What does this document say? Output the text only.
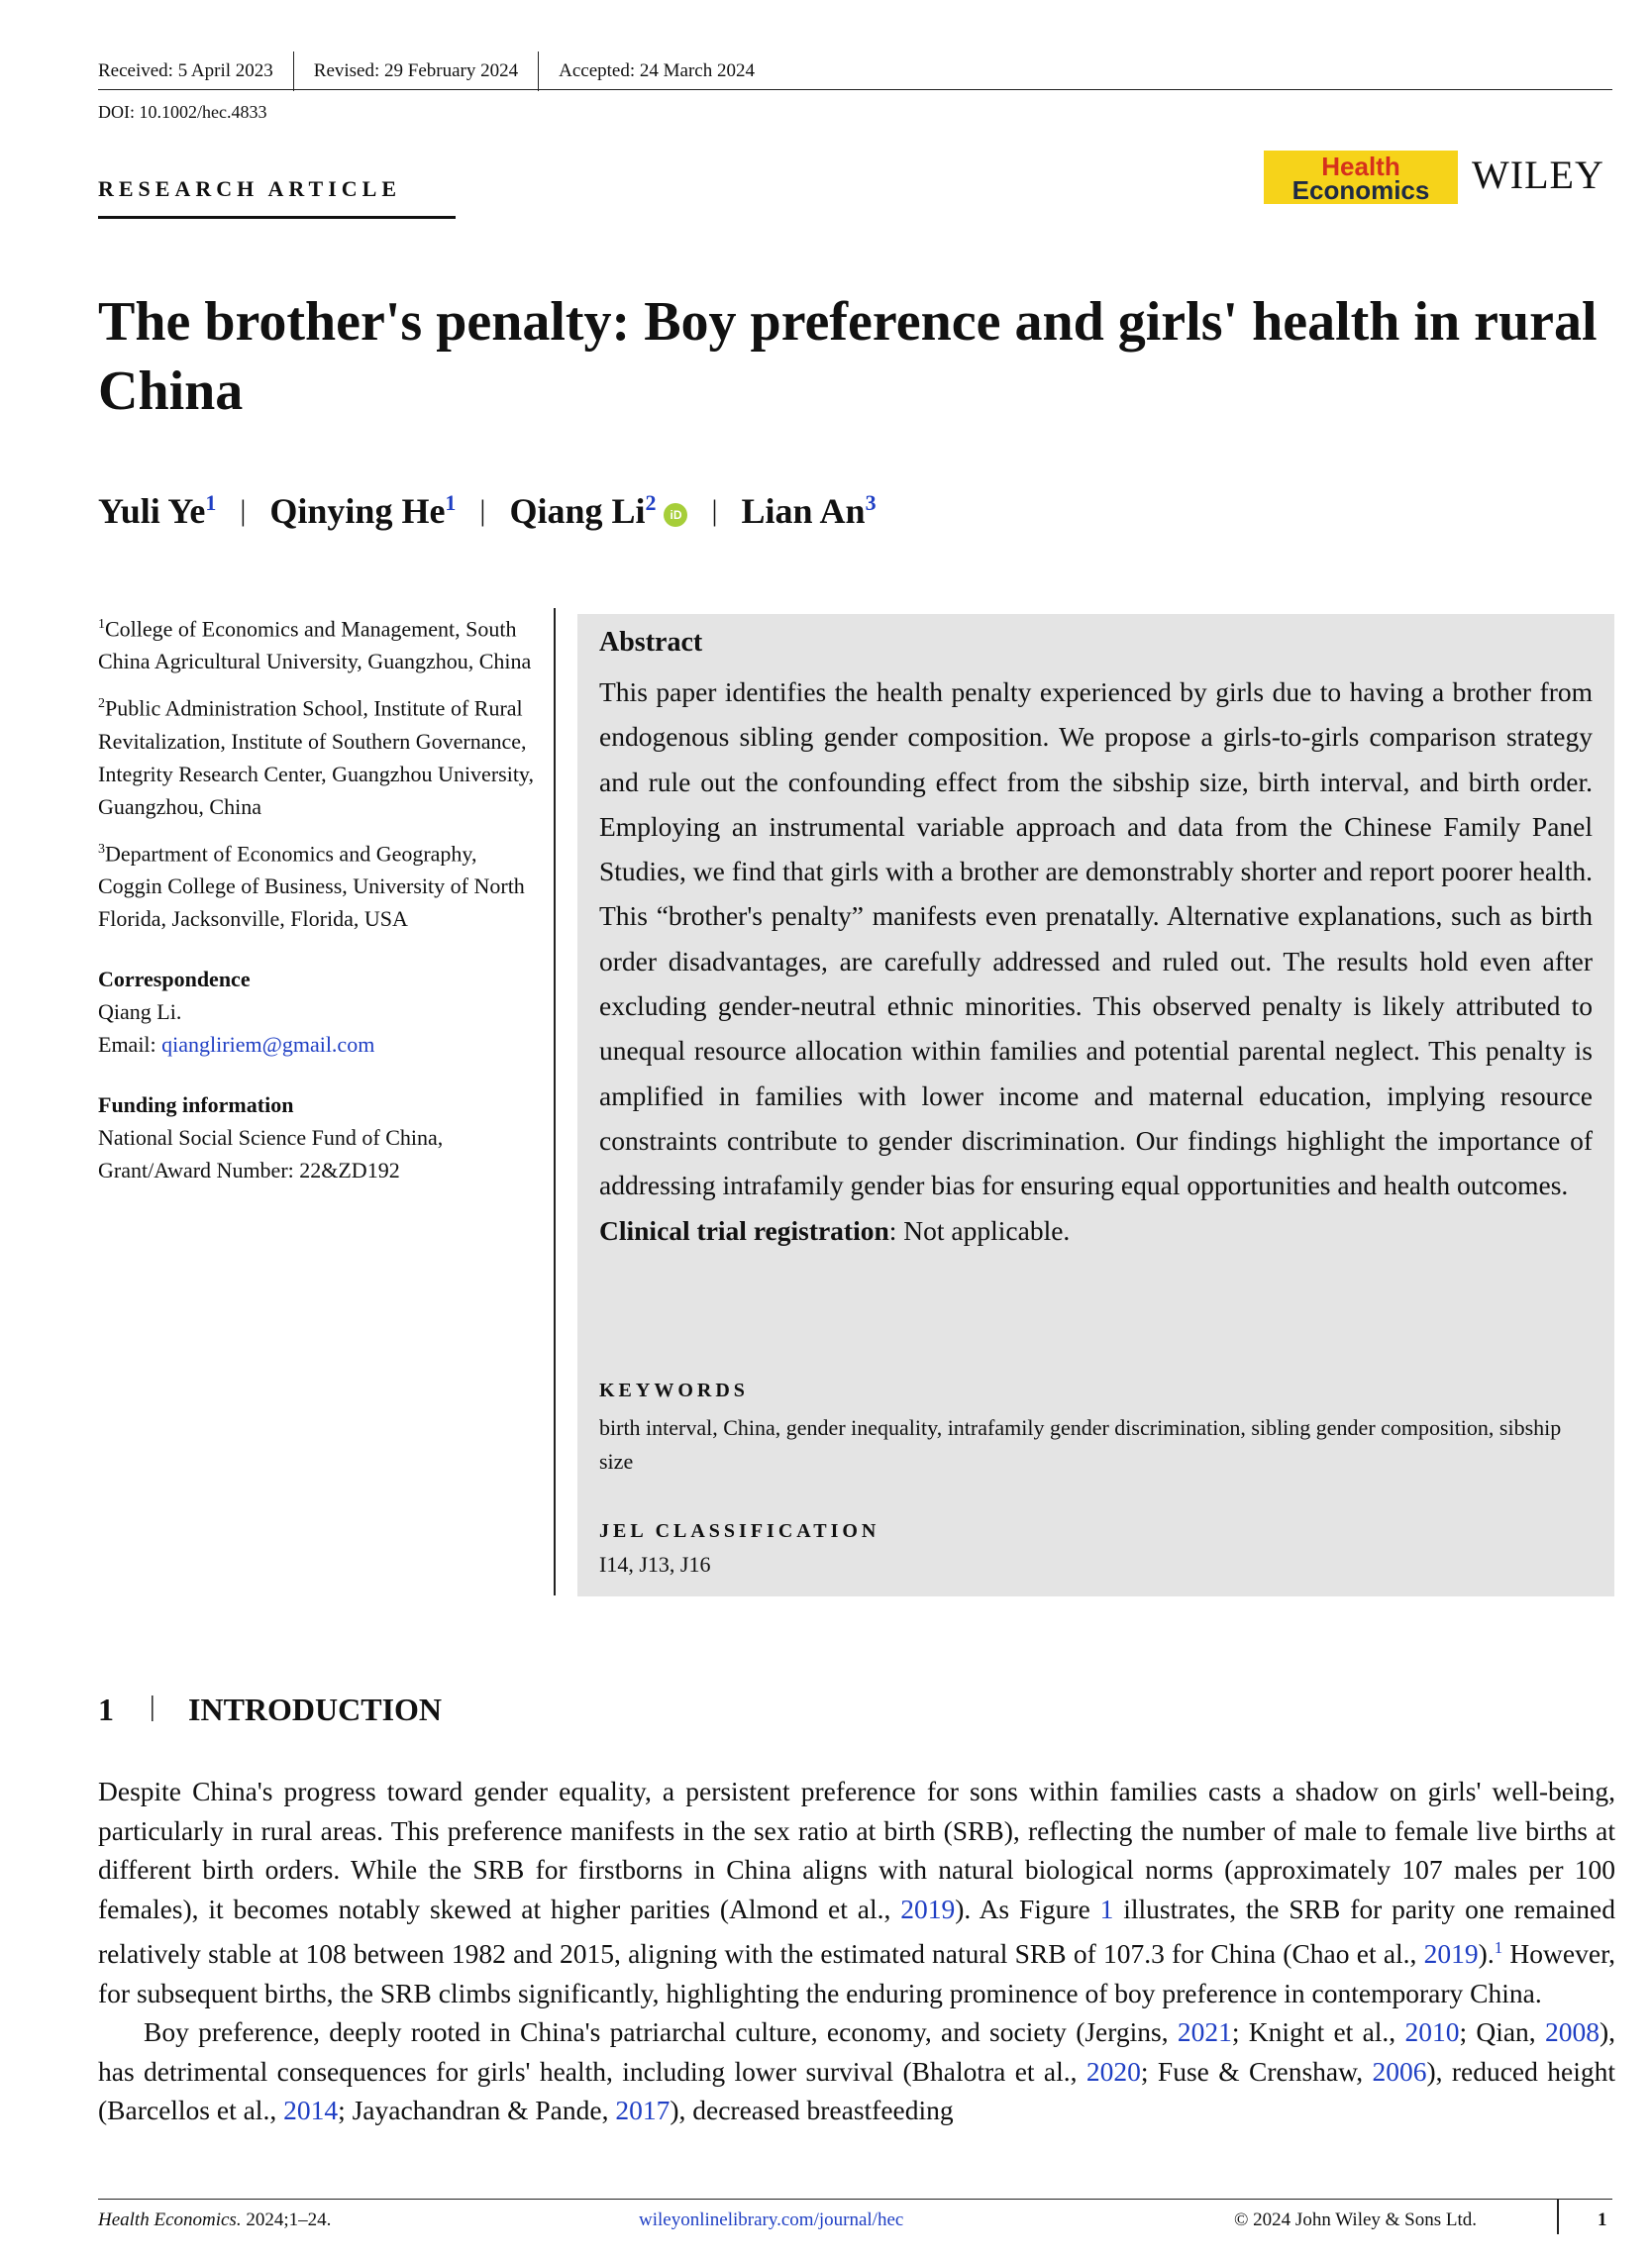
Received: 5 April 2023	Revised: 29 February 2024	Accepted: 24 March 2024
DOI: 10.1002/hec.4833
RESEARCH ARTICLE
Health
Economics	WILEY
The brother's penalty: Boy preference and girls' health in rural China
Yuli Ye$^1$ | Qinying He$^1$ | Qiang Li$^2$ iD | Lian An$^3$

$^1$College of Economics and Management, South China Agricultural University, Guangzhou, China

$^2$Public Administration School, Institute of Rural Revitalization, Institute of Southern Governance, Integrity Research Center, Guangzhou University, Guangzhou, China

$^3$Department of Economics and Geography, Coggin College of Business, University of North Florida, Jacksonville, Florida, USA

Correspondence
Qiang Li.
Email: qiangliriem@gmail.com
Funding information
National Social Science Fund of China,
Grant/Award Number: 22&ZD192
Abstract
This paper identifies the health penalty experienced by girls due to having a brother from endogenous sibling gender composition. We propose a girls-to-girls comparison strategy and rule out the confounding effect from the sibship size, birth interval, and birth order. Employing an instrumental variable approach and data from the Chinese Family Panel Studies, we find that girls with a brother are demonstrably shorter and report poorer health. This “brother's penalty” manifests even prenatally. Alternative explanations, such as birth order disadvantages, are carefully addressed and ruled out. The results hold even after excluding gender-neutral ethnic minorities. This observed penalty is likely attributed to unequal resource allocation within families and potential parental neglect. This penalty is amplified in families with lower income and maternal education, implying resource constraints contribute to gender discrimination. Our findings highlight the importance of addressing intrafamily gender bias for ensuring equal opportunities and health outcomes.
Clinical trial registration: Not applicable.
KEYWORDS
birth interval, China, gender inequality, intrafamily gender discrimination, sibling gender composition, sibship size
JEL CLASSIFICATION
I14, J13, J16
1 | INTRODUCTION

Despite China's progress toward gender equality, a persistent preference for sons within families casts a shadow on girls' well-being, particularly in rural areas. This preference manifests in the sex ratio at birth (SRB), reflecting the number of male to female live births at different birth orders. While the SRB for firstborns in China aligns with natural biological norms (approximately 107 males per 100 females), it becomes notably skewed at higher parities (Almond et al., 2019). As Figure 1 illustrates, the SRB for parity one remained relatively stable at 108 between 1982 and 2015, aligning with the estimated natural SRB of 107.3 for China (Chao et al., 2019).$^1$ However, for subsequent births, the SRB climbs significantly, highlighting the enduring prominence of boy preference in contemporary China.

Boy preference, deeply rooted in China's patriarchal culture, economy, and society (Jergins, 2021; Knight et al., 2010; Qian, 2008), has detrimental consequences for girls' health, including lower survival (Bhalotra et al., 2020; Fuse & Crenshaw, 2006), reduced height (Barcellos et al., 2014; Jayachandran & Pande, 2017), decreased breastfeeding

Health Economics. 2024;1–24.	wileyonlinelibrary.com/journal/hec	© 2024 John Wiley & Sons Ltd.	1
